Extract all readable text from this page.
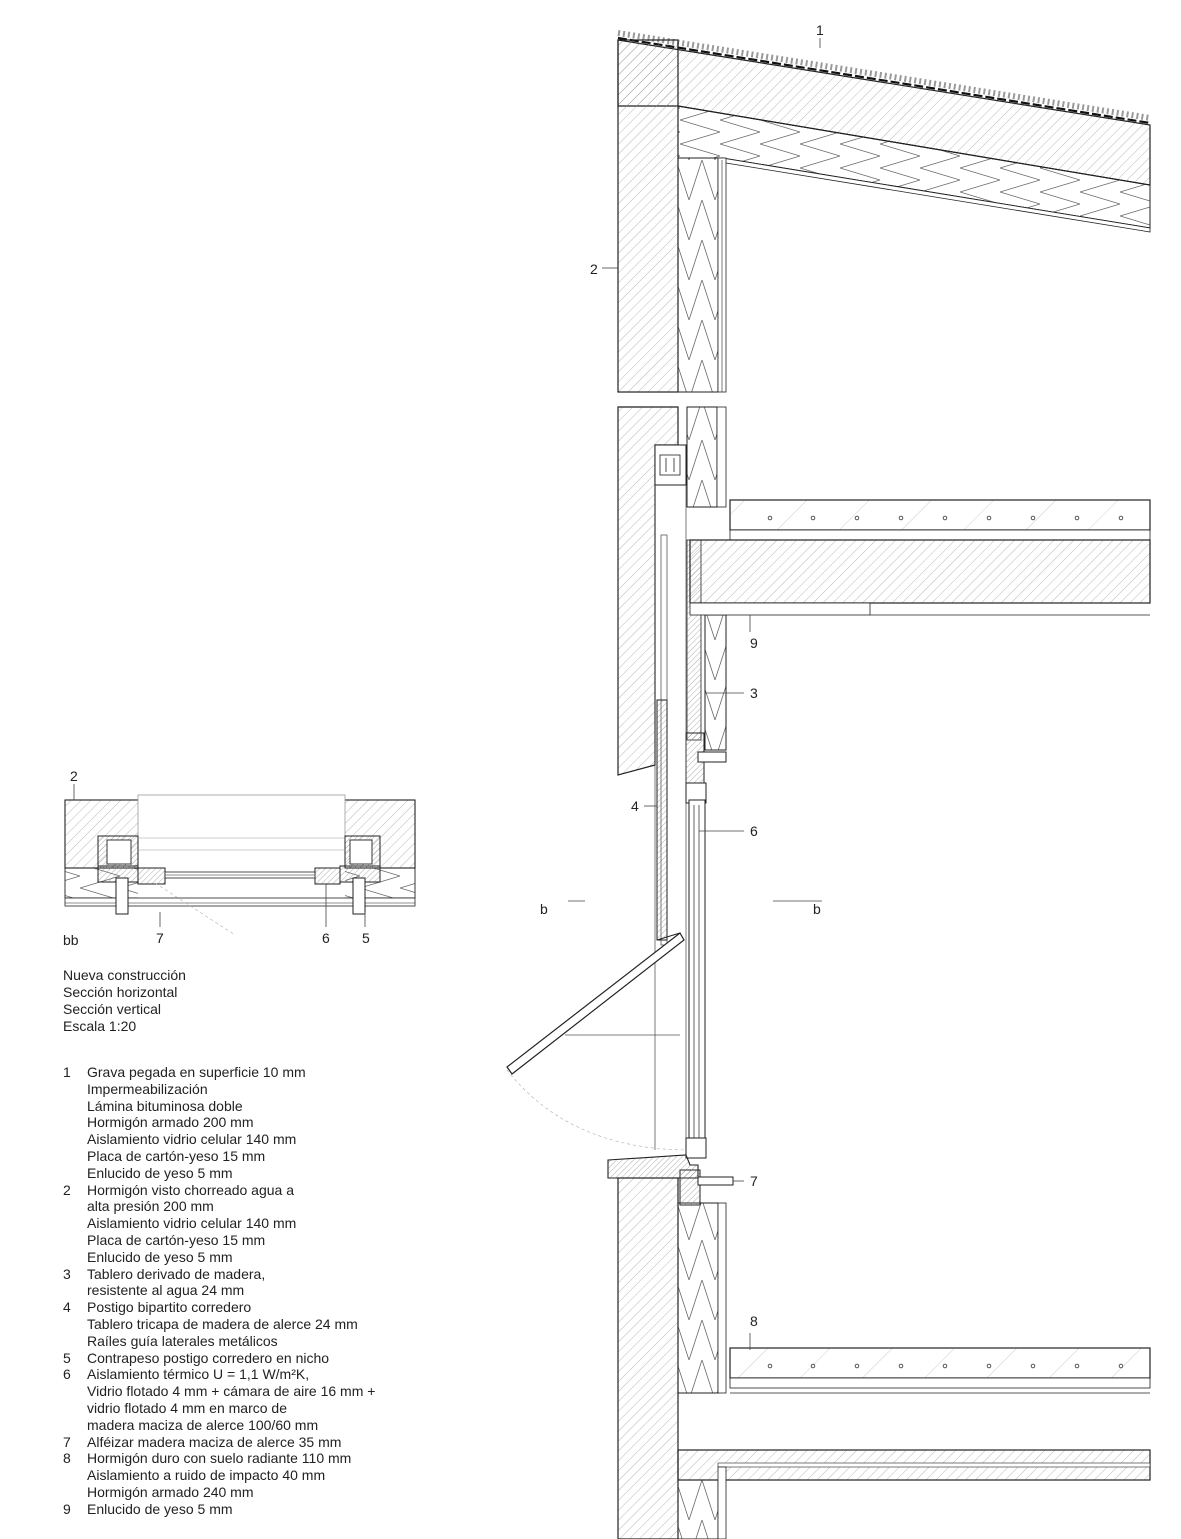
1
2
9
3
4
6
7
8
b	b
2
7	6 5
bb
Nueva construcción
Sección horizontal
Sección vertical
Escala 1:20
1	Grava pegada en superficie 10 mm
Impermeabilización
Lámina bituminosa doble
Hormigón armado 200 mm
Aislamiento vidrio celular 140 mm
Placa de cartón-yeso 15 mm
Enlucido de yeso 5 mm
2	Hormigón visto chorreado agua a
alta presión 200 mm
Aislamiento vidrio celular 140 mm
Placa de cartón-yeso 15 mm
Enlucido de yeso 5 mm
3	Tablero derivado de madera,
resistente al agua 24 mm
4	Postigo bipartito corredero
Tablero tricapa de madera de alerce 24 mm
Raíles guía laterales metálicos
5	Contrapeso postigo corredero en nicho
6	Aislamiento térmico U = 1,1 W/m²K,
Vidrio flotado 4 mm + cámara de aire 16 mm +
vidrio flotado 4 mm en marco de
madera maciza de alerce 100/60 mm
7	Alféizar madera maciza de alerce 35 mm
8	Hormigón duro con suelo radiante 110 mm
Aislamiento a ruido de impacto 40 mm
Hormigón armado 240 mm
9	Enlucido de yeso 5 mm
